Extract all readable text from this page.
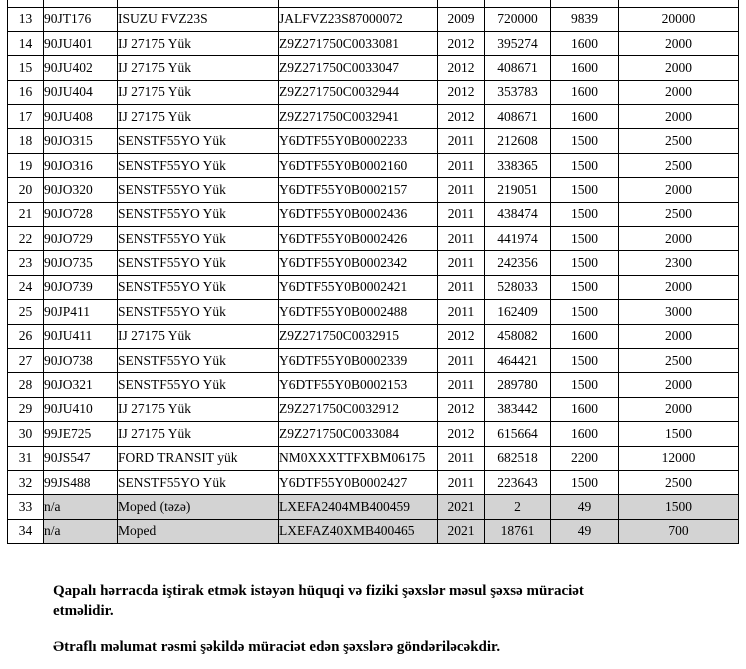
13	90JT176	ISUZU FVZ23S	JALFVZ23S87000072	2009	720000	9839	20000
14	90JU401	IJ 27175 Yük	Z9Z271750C0033081	2012	395274	1600	2000
15	90JU402	IJ 27175 Yük	Z9Z271750C0033047	2012	408671	1600	2000
16	90JU404	IJ 27175 Yük	Z9Z271750C0032944	2012	353783	1600	2000
17	90JU408	IJ 27175 Yük	Z9Z271750C0032941	2012	408671	1600	2000
18	90JO315	SENSTF55YO Yük	Y6DTF55Y0B0002233	2011	212608	1500	2500
19	90JO316	SENSTF55YO Yük	Y6DTF55Y0B0002160	2011	338365	1500	2500
20	90JO320	SENSTF55YO Yük	Y6DTF55Y0B0002157	2011	219051	1500	2000
21	90JO728	SENSTF55YO Yük	Y6DTF55Y0B0002436	2011	438474	1500	2500
22	90JO729	SENSTF55YO Yük	Y6DTF55Y0B0002426	2011	441974	1500	2000
23	90JO735	SENSTF55YO Yük	Y6DTF55Y0B0002342	2011	242356	1500	2300
24	90JO739	SENSTF55YO Yük	Y6DTF55Y0B0002421	2011	528033	1500	2000
25	90JP411	SENSTF55YO Yük	Y6DTF55Y0B0002488	2011	162409	1500	3000
26	90JU411	IJ 27175 Yük	Z9Z271750C0032915	2012	458082	1600	2000
27	90JO738	SENSTF55YO Yük	Y6DTF55Y0B0002339	2011	464421	1500	2500
28	90JO321	SENSTF55YO Yük	Y6DTF55Y0B0002153	2011	289780	1500	2000
29	90JU410	IJ 27175 Yük	Z9Z271750C0032912	2012	383442	1600	2000
30	99JE725	IJ 27175 Yük	Z9Z271750C0033084	2012	615664	1600	1500
31	90JS547	FORD TRANSIT yük	NM0XXXTTFXBM06175	2011	682518	2200	12000
32	99JS488	SENSTF55YO Yük	Y6DTF55Y0B0002427	2011	223643	1500	2500
33	n/a	Moped (təzə)	LXEFA2404MB400459	2021	2	49	1500
34	n/a	Moped	LXEFAZ40XMB400465	2021	18761	49	700

Qapalı hərracda iştirak etmək istəyən hüquqi və fiziki şəxslər məsul şəxsə müraciət
etməlidir.

Ətraflı məlumat rəsmi şəkildə müraciət edən şəxslərə göndəriləcəkdir.
